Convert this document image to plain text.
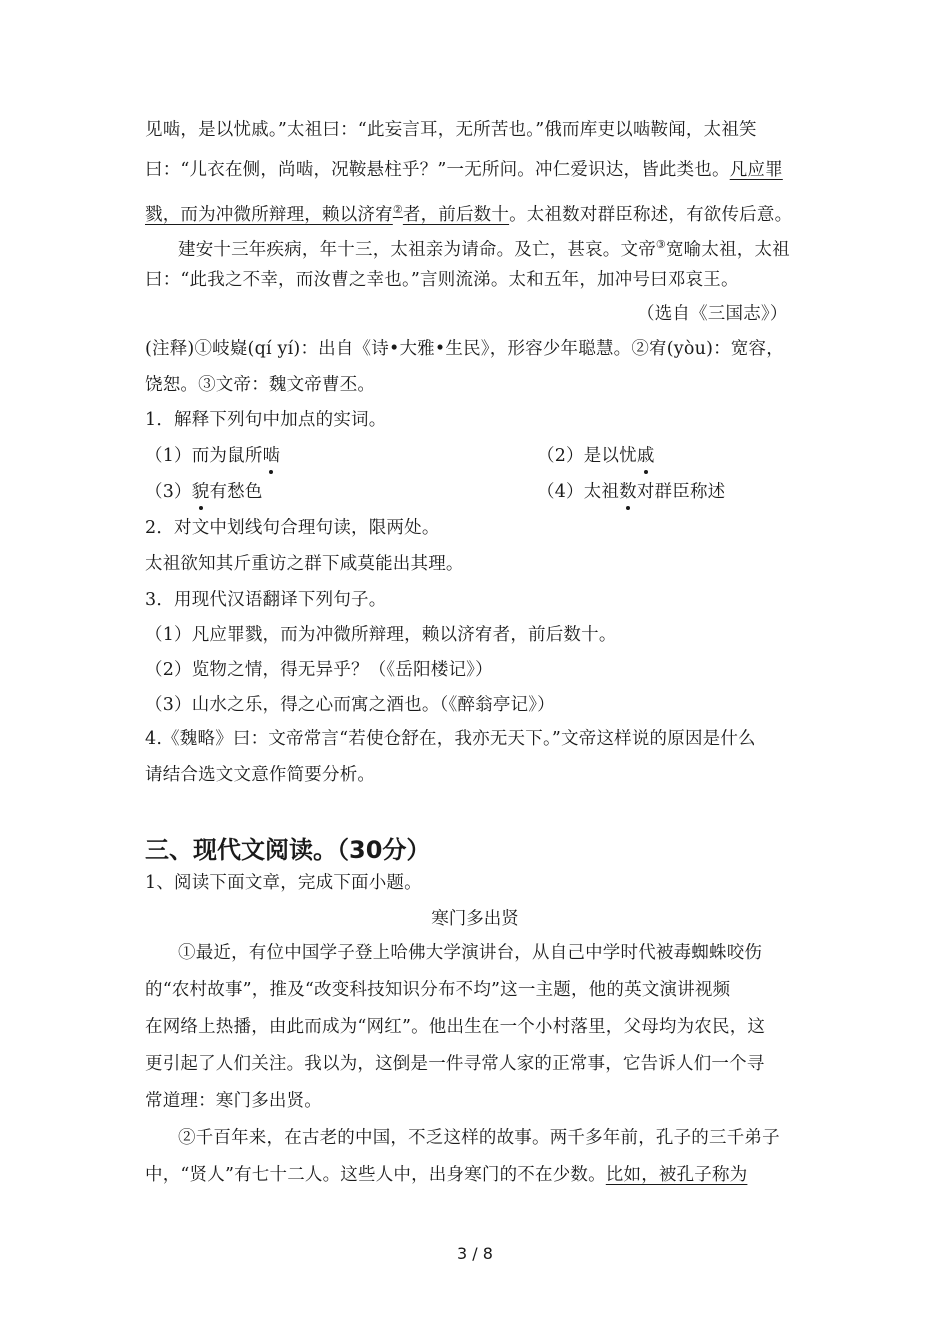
见啮，是以忧戚。”太祖曰：“此妄言耳，无所苦也。”俄而库吏以啮鞍闻，太祖笑
曰：“儿衣在侧，尚啮，况鞍悬柱乎？”一无所问。冲仁爱识达，皆此类也。凡应罪
戮，而为冲微所辩理，赖以济宥②者，前后数十。太祖数对群臣称述，有欲传后意。
建安十三年疾病，年十三，太祖亲为请命。及亡，甚哀。文帝③宽喻太祖，太祖
曰：“此我之不幸，而汝曹之幸也。”言则流涕。太和五年，加冲号曰邓哀王。
（选自《三国志》）
(注释)①岐嶷(qí yí)：出自《诗•大雅•生民》，形容少年聪慧。②宥(yòu)：宽容，
饶恕。③文帝：魏文帝曹丕。
1．解释下列句中加点的实词。
（1）而为鼠所啮	（2）是以忧戚
（3）貌有愁色	（4）太祖数对群臣称述
2．对文中划线句合理句读，限两处。
太祖欲知其斤重访之群下咸莫能出其理。
3．用现代汉语翻译下列句子。
（1）凡应罪戮，而为冲微所辩理，赖以济宥者，前后数十。
（2）览物之情，得无异乎？（《岳阳楼记》）
（3）山水之乐，得之心而寓之酒也。（《醉翁亭记》）
4.《魏略》曰：文帝常言“若使仓舒在，我亦无天下。”文帝这样说的原因是什么
请结合选文文意作简要分析。
三、现代文阅读。（30分）
1、阅读下面文章，完成下面小题。
寒门多出贤
①最近，有位中国学子登上哈佛大学演讲台，从自己中学时代被毒蜘蛛咬伤
的“农村故事”，推及“改变科技知识分布不均”这一主题，他的英文演讲视频
在网络上热播，由此而成为“网红”。他出生在一个小村落里，父母均为农民，这
更引起了人们关注。我以为，这倒是一件寻常人家的正常事，它告诉人们一个寻
常道理：寒门多出贤。
②千百年来，在古老的中国，不乏这样的故事。两千多年前，孔子的三千弟子
中，“贤人”有七十二人。这些人中，出身寒门的不在少数。比如，被孔子称为
3 / 8
